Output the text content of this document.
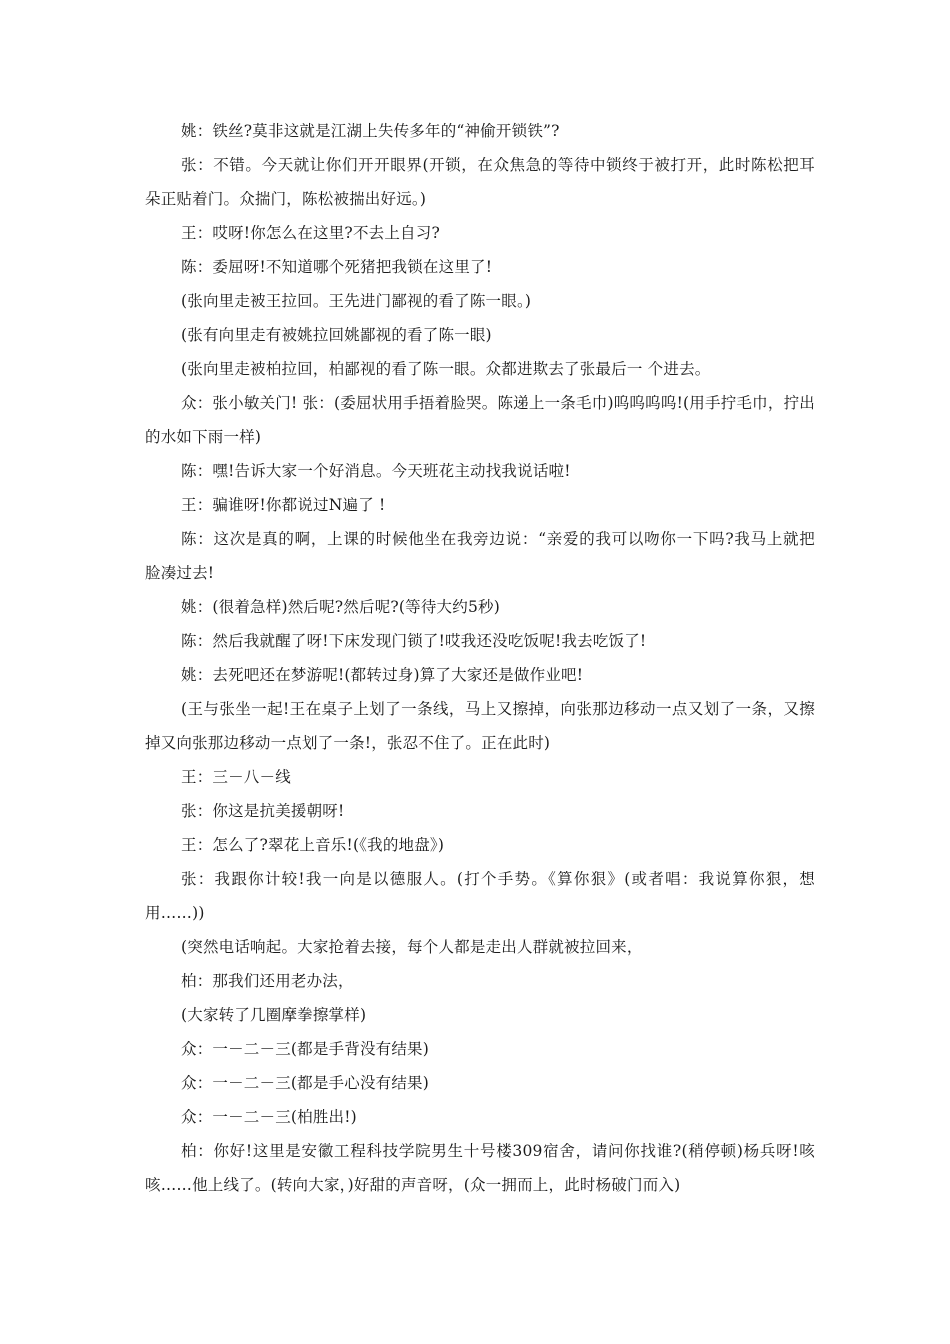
姚：铁丝?莫非这就是江湖上失传多年的“神偷开锁铁”?

张：不错。今天就让你们开开眼界(开锁，在众焦急的等待中锁终于被打开，此时陈松把耳朵正贴着门。众揣门，陈松被揣出好远。)

王：哎呀!你怎么在这里?不去上自习?

陈：委屈呀!不知道哪个死猪把我锁在这里了!

(张向里走被王拉回。王先进门鄙视的看了陈一眼。)

(张有向里走有被姚拉回姚鄙视的看了陈一眼)

(张向里走被柏拉回，柏鄙视的看了陈一眼。众都进欺去了张最后一 个进去。

众：张小敏关门! 张：(委屈状用手捂着脸哭。陈递上一条毛巾)呜呜呜呜!(用手拧毛巾，拧出的水如下雨一样)

陈：嘿!告诉大家一个好消息。今天班花主动找我说话啦!

王：骗谁呀!你都说过N遍了 !

陈：这次是真的啊，上课的时候他坐在我旁边说：“亲爱的我可以吻你一下吗?我马上就把 脸凑过去!

姚：(很着急样)然后呢?然后呢?(等待大约5秒)

陈：然后我就醒了呀!下床发现门锁了!哎我还没吃饭呢!我去吃饭了!

姚：去死吧还在梦游呢!(都转过身)算了大家还是做作业吧!

(王与张坐一起!王在桌子上划了一条线，马上又擦掉，向张那边移动一点又划了一条，又擦掉又向张那边移动一点划了一条!，张忍不住了。正在此时)

王：三－八－线

张：你这是抗美援朝呀!

王：怎么了?翠花上音乐!(《我的地盘》)

张：我跟你计较!我一向是以德服人。(打个手势。《算你狠》(或者唱：我说算你狠，想用……))

(突然电话响起。大家抢着去接，每个人都是走出人群就被拉回来，

柏：那我们还用老办法，

(大家转了几圈摩拳擦掌样)

众：一－二－三(都是手背没有结果)

众：一－二－三(都是手心没有结果)

众：一－二－三(柏胜出!)

柏：你好!这里是安徽工程科技学院男生十号楼309宿舍，请问你找谁?(稍停顿)杨兵呀!咳咳……他上线了。(转向大家，)好甜的声音呀，(众一拥而上，此时杨破门而入)
